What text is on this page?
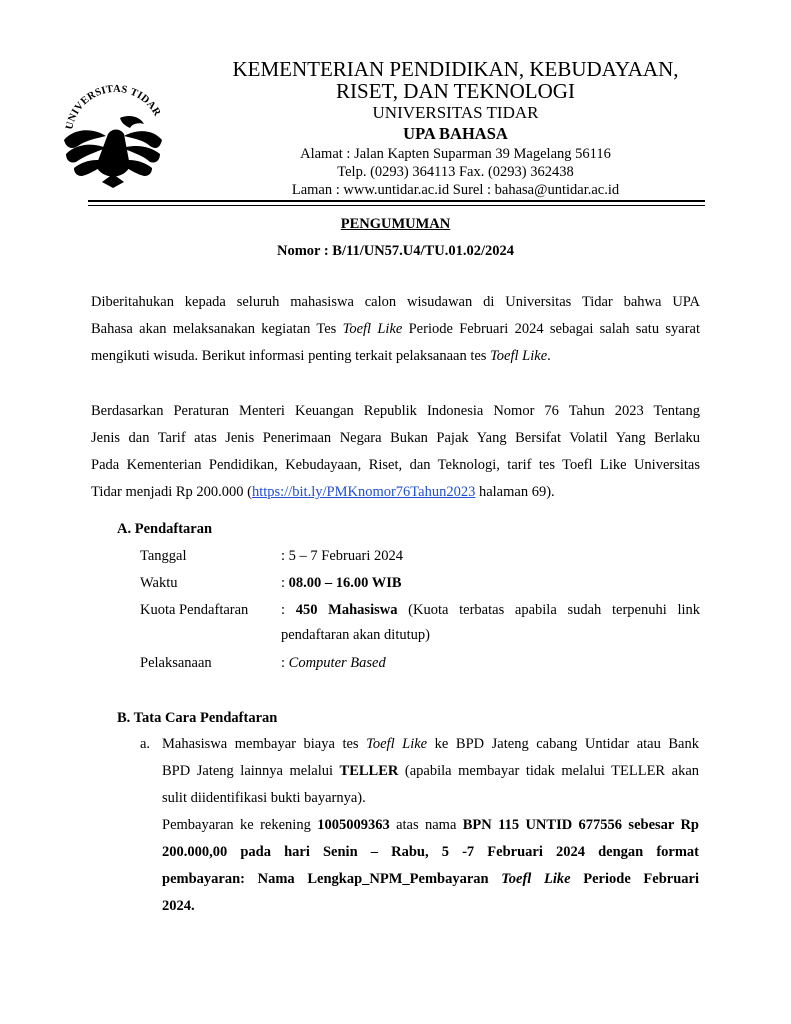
UNIVERSITAS TIDAR
KEMENTERIAN PENDIDIKAN, KEBUDAYAAN,
RISET, DAN TEKNOLOGI
UNIVERSITAS TIDAR
UPA BAHASA
Alamat : Jalan Kapten Suparman 39 Magelang 56116
Telp. (0293) 364113 Fax. (0293) 362438
Laman : www.untidar.ac.id Surel : bahasa@untidar.ac.id
PENGUMUMAN
Nomor : B/11/UN57.U4/TU.01.02/2024
Diberitahukan kepada seluruh mahasiswa calon wisudawan di Universitas Tidar bahwa UPA
Bahasa akan melaksanakan kegiatan Tes Toefl Like Periode Februari 2024 sebagai salah satu syarat
mengikuti wisuda. Berikut informasi penting terkait pelaksanaan tes Toefl Like.
Berdasarkan Peraturan Menteri Keuangan Republik Indonesia Nomor 76 Tahun 2023 Tentang
Jenis dan Tarif atas Jenis Penerimaan Negara Bukan Pajak Yang Bersifat Volatil Yang Berlaku
Pada Kementerian Pendidikan, Kebudayaan, Riset, dan Teknologi, tarif tes Toefl Like Universitas
Tidar menjadi Rp 200.000 (https://bit.ly/PMKnomor76Tahun2023 halaman 69).
A. Pendaftaran
Tanggal	: 5 – 7 Februari 2024
Waktu	: 08.00 – 16.00 WIB
Kuota Pendaftaran : 450 Mahasiswa (Kuota terbatas apabila sudah terpenuhi link
pendaftaran akan ditutup)
Pelaksanaan	: Computer Based
B. Tata Cara Pendaftaran
a. Mahasiswa membayar biaya tes Toefl Like ke BPD Jateng cabang Untidar atau Bank
BPD Jateng lainnya melalui TELLER (apabila membayar tidak melalui TELLER akan
sulit diidentifikasi bukti bayarnya).
Pembayaran ke rekening 1005009363 atas nama BPN 115 UNTID 677556 sebesar Rp
200.000,00 pada hari Senin – Rabu, 5 -7 Februari 2024 dengan format
pembayaran: Nama Lengkap_NPM_Pembayaran Toefl Like Periode Februari
2024.
